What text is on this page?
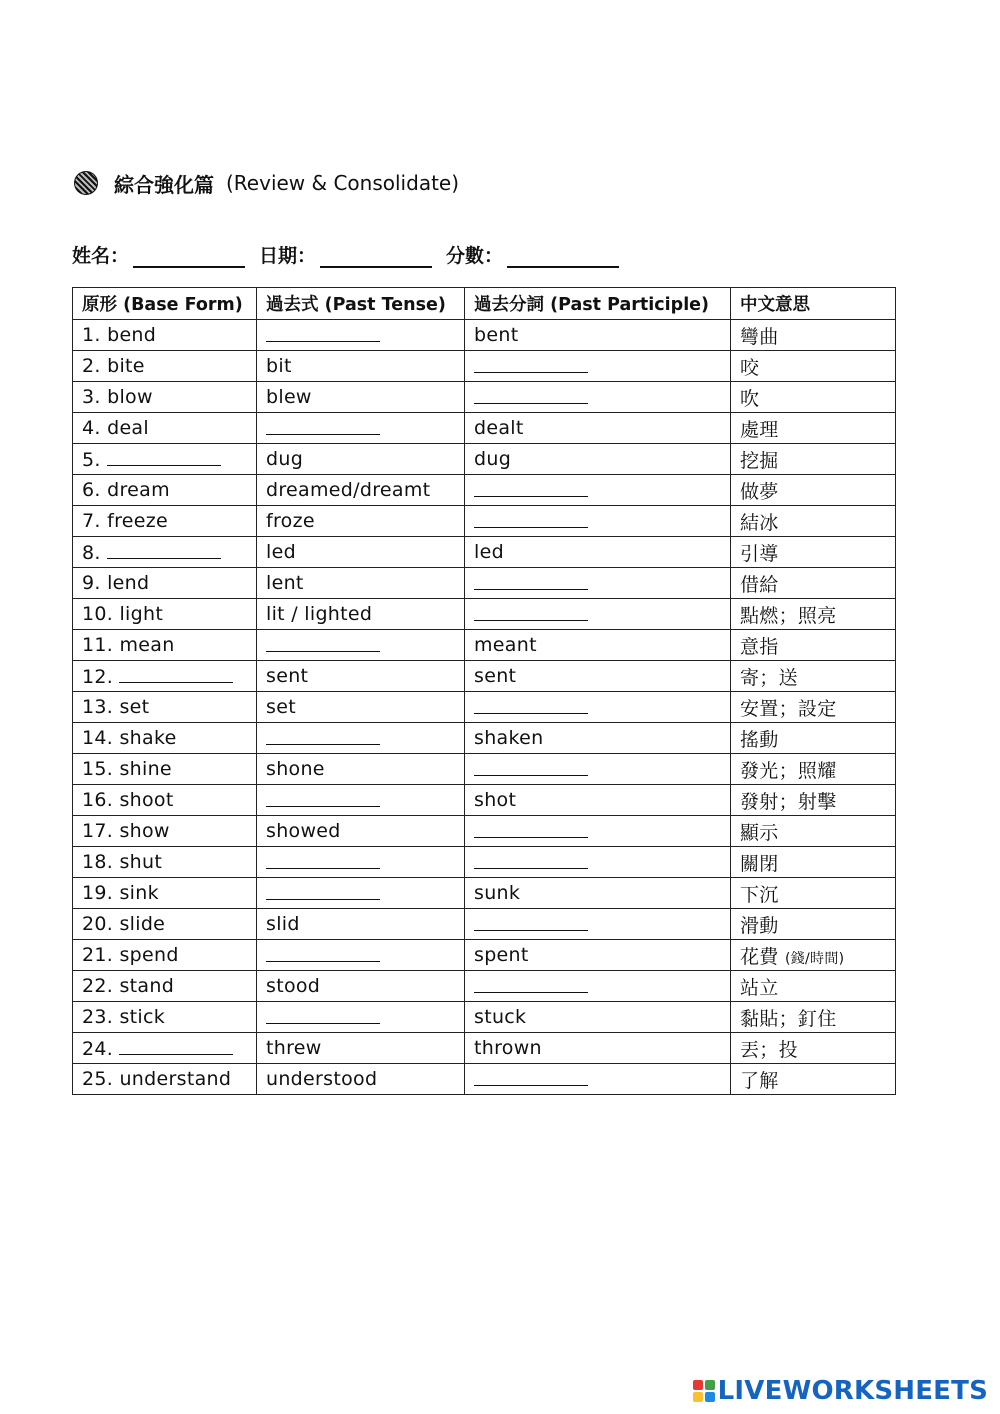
綜合強化篇 (Review & Consolidate)
姓名：	日期：	分數：
原形 (Base Form)	過去式 (Past Tense)	過去分詞 (Past Participle)	中文意思
1. bend		bent	彎曲
2. bite	bit		咬
3. blow	blew		吹
4. deal		dealt	處理
5.	dug	dug	挖掘
6. dream	dreamed/dreamt		做夢
7. freeze	froze		結冰
8.	led	led	引導
9. lend	lent		借給
10. light	lit / lighted		點燃；照亮
11. mean		meant	意指
12.	sent	sent	寄；送
13. set	set		安置；設定
14. shake		shaken	搖動
15. shine	shone		發光；照耀
16. shoot		shot	發射；射擊
17. show	showed		顯示
18. shut			關閉
19. sink		sunk	下沉
20. slide	slid		滑動
21. spend		spent	花費 (錢/時間)
22. stand	stood		站立
23. stick		stuck	黏貼；釘住
24.	threw	thrown	丟；投
25. understand	understood		了解
LIVEWORKSHEETS
